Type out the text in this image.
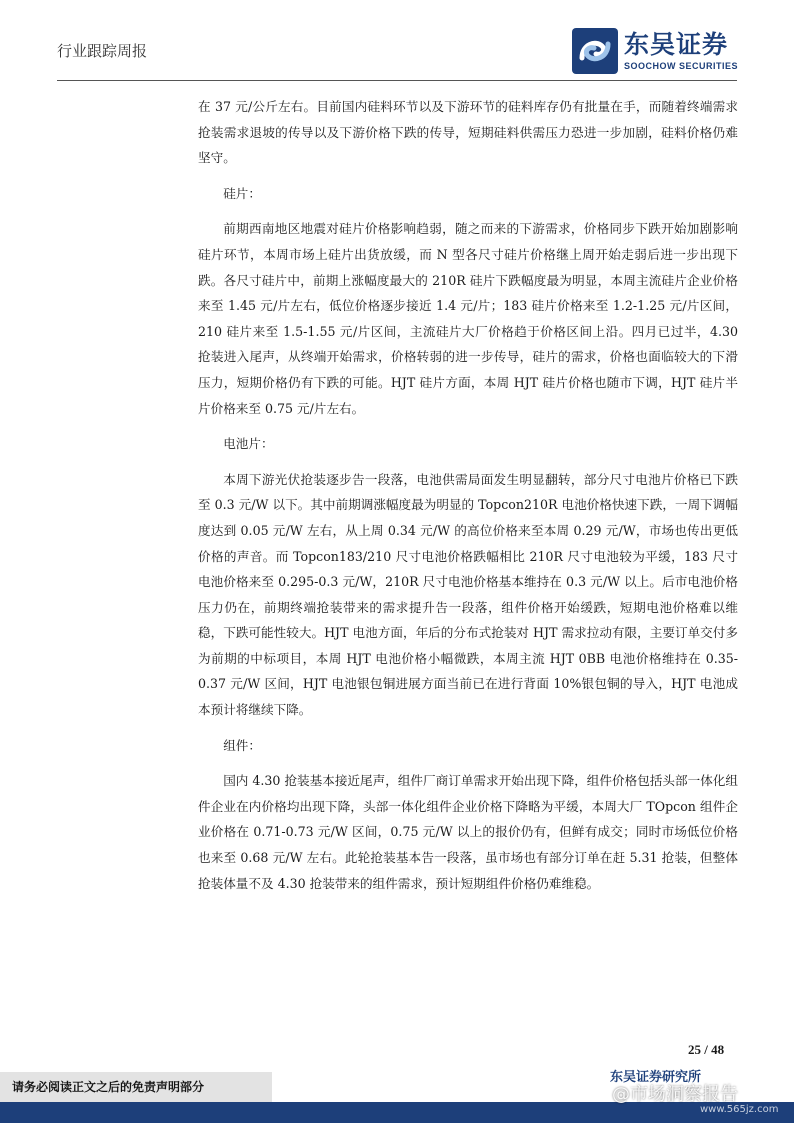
行业跟踪周报	东吴证券
SOOCHOW SECURITIES

在 37 元/公斤左右。目前国内硅料环节以及下游环节的硅料库存仍有批量在手，而随着终端需求抢装需求退坡的传导以及下游价格下跌的传导，短期硅料供需压力恐进一步加剧，硅料价格仍难坚守。

硅片：

前期西南地区地震对硅片价格影响趋弱，随之而来的下游需求，价格同步下跌开始加剧影响硅片环节，本周市场上硅片出货放缓，而 N 型各尺寸硅片价格继上周开始走弱后进一步出现下跌。各尺寸硅片中，前期上涨幅度最大的 210R 硅片下跌幅度最为明显，本周主流硅片企业价格来至 1.45 元/片左右，低位价格逐步接近 1.4 元/片；183 硅片价格来至 1.2-1.25 元/片区间，210 硅片来至 1.5-1.55 元/片区间，主流硅片大厂价格趋于价格区间上沿。四月已过半，4.30 抢装进入尾声，从终端开始需求，价格转弱的进一步传导，硅片的需求，价格也面临较大的下滑压力，短期价格仍有下跌的可能。HJT 硅片方面，本周 HJT 硅片价格也随市下调，HJT 硅片半片价格来至 0.75 元/片左右。

电池片：

本周下游光伏抢装逐步告一段落，电池供需局面发生明显翻转，部分尺寸电池片价格已下跌至 0.3 元/W 以下。其中前期调涨幅度最为明显的 Topcon210R 电池价格快速下跌，一周下调幅度达到 0.05 元/W 左右，从上周 0.34 元/W 的高位价格来至本周 0.29 元/W，市场也传出更低价格的声音。而 Topcon183/210 尺寸电池价格跌幅相比 210R 尺寸电池较为平缓，183 尺寸电池价格来至 0.295-0.3 元/W，210R 尺寸电池价格基本维持在 0.3 元/W 以上。后市电池价格压力仍在，前期终端抢装带来的需求提升告一段落，组件价格开始缓跌，短期电池价格难以维稳，下跌可能性较大。HJT 电池方面，年后的分布式抢装对 HJT 需求拉动有限，主要订单交付多为前期的中标项目，本周 HJT 电池价格小幅微跌，本周主流 HJT 0BB 电池价格维持在 0.35-0.37 元/W 区间，HJT 电池银包铜进展方面当前已在进行背面 10%银包铜的导入，HJT 电池成本预计将继续下降。

组件：

国内 4.30 抢装基本接近尾声，组件厂商订单需求开始出现下降，组件价格包括头部一体化组件企业在内价格均出现下降，头部一体化组件企业价格下降略为平缓，本周大厂 TOpcon 组件企业价格在 0.71-0.73 元/W 区间，0.75 元/W 以上的报价仍有，但鲜有成交；同时市场低位价格也来至 0.68 元/W 左右。此轮抢装基本告一段落，虽市场也有部分订单在赶 5.31 抢装，但整体抢装体量不及 4.30 抢装带来的组件需求，预计短期组件价格仍难维稳。

25 / 48
请务必阅读正文之后的免责声明部分
东吴证券研究所
@市场洞察报告
www.565jz.com
